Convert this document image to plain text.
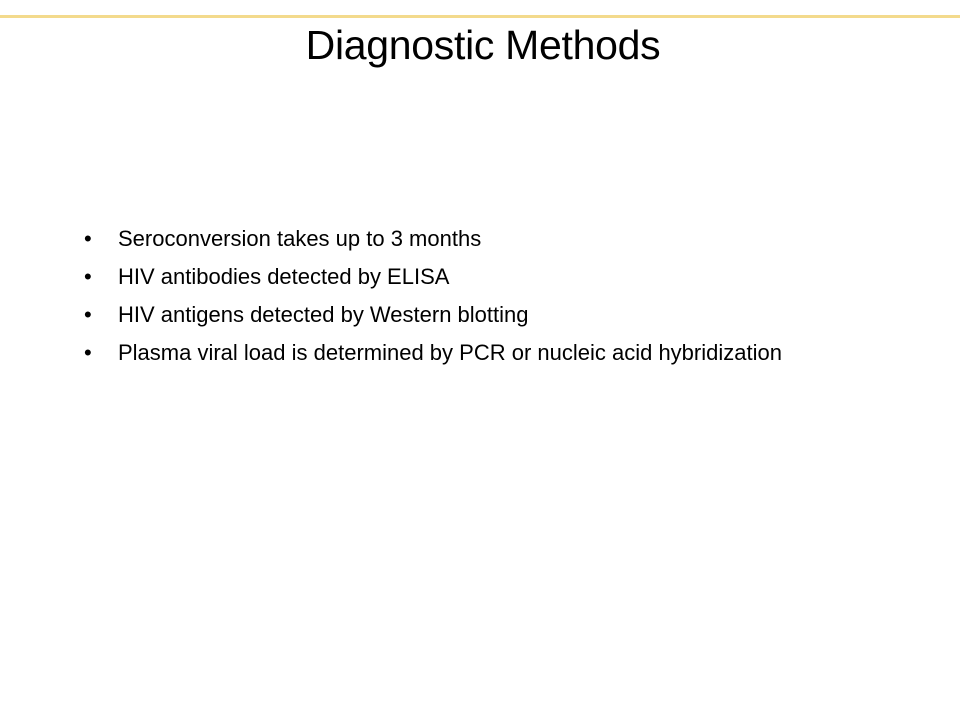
Diagnostic Methods
•	Seroconversion takes up to 3 months
•	HIV antibodies detected by ELISA
•	HIV antigens detected by Western blotting
•	Plasma viral load is determined by PCR or nucleic acid hybridization
